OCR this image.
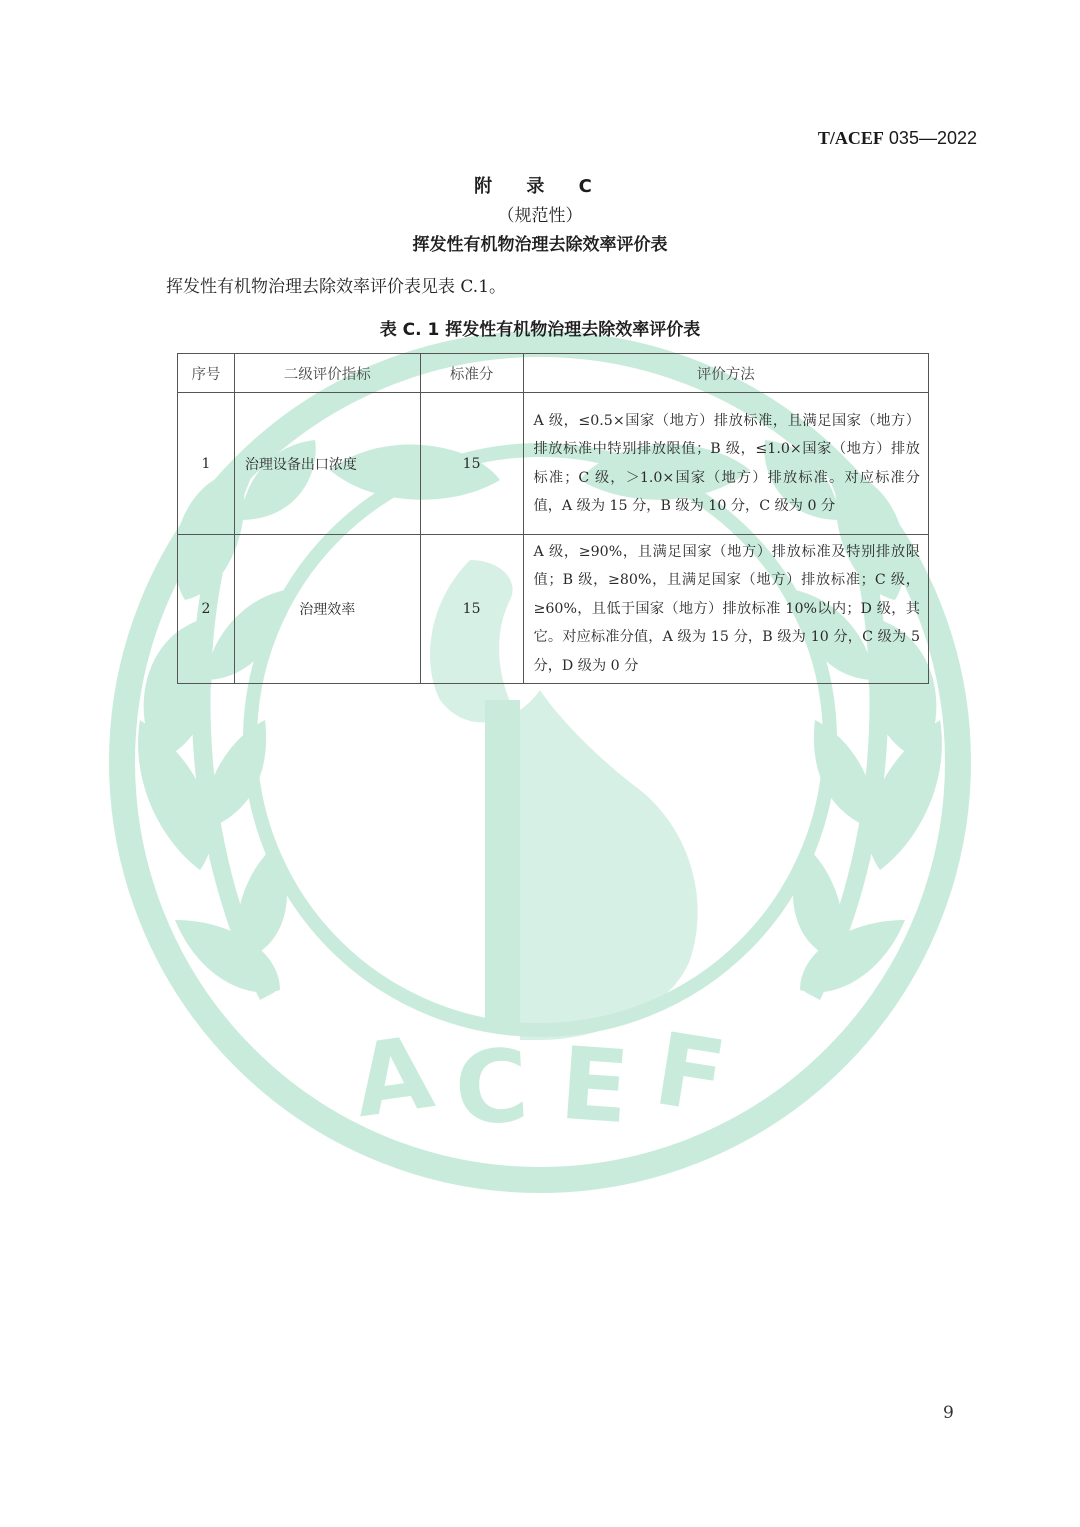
A C E F
T/ACEF 035—2022
附 录 C
（规范性）
挥发性有机物治理去除效率评价表
挥发性有机物治理去除效率评价表见表 C.1。
表 C. 1 挥发性有机物治理去除效率评价表
序号	二级评价指标	标准分	评价方法
1	治理设备出口浓度	15	A 级，≤0.5×国家（地方）排放标准，且满足国家（地方）排放标准中特别排放限值；B 级，≤1.0×国家（地方）排放标准；C 级，＞1.0×国家（地方）排放标准。对应标准分值，A 级为 15 分，B 级为 10 分，C 级为 0 分
2	治理效率	15	A 级，≥90%，且满足国家（地方）排放标准及特别排放限值；B 级，≥80%，且满足国家（地方）排放标准；C 级，≥60%，且低于国家（地方）排放标准 10%以内；D 级，其它。对应标准分值，A 级为 15 分，B 级为 10 分，C 级为 5 分，D 级为 0 分
9
